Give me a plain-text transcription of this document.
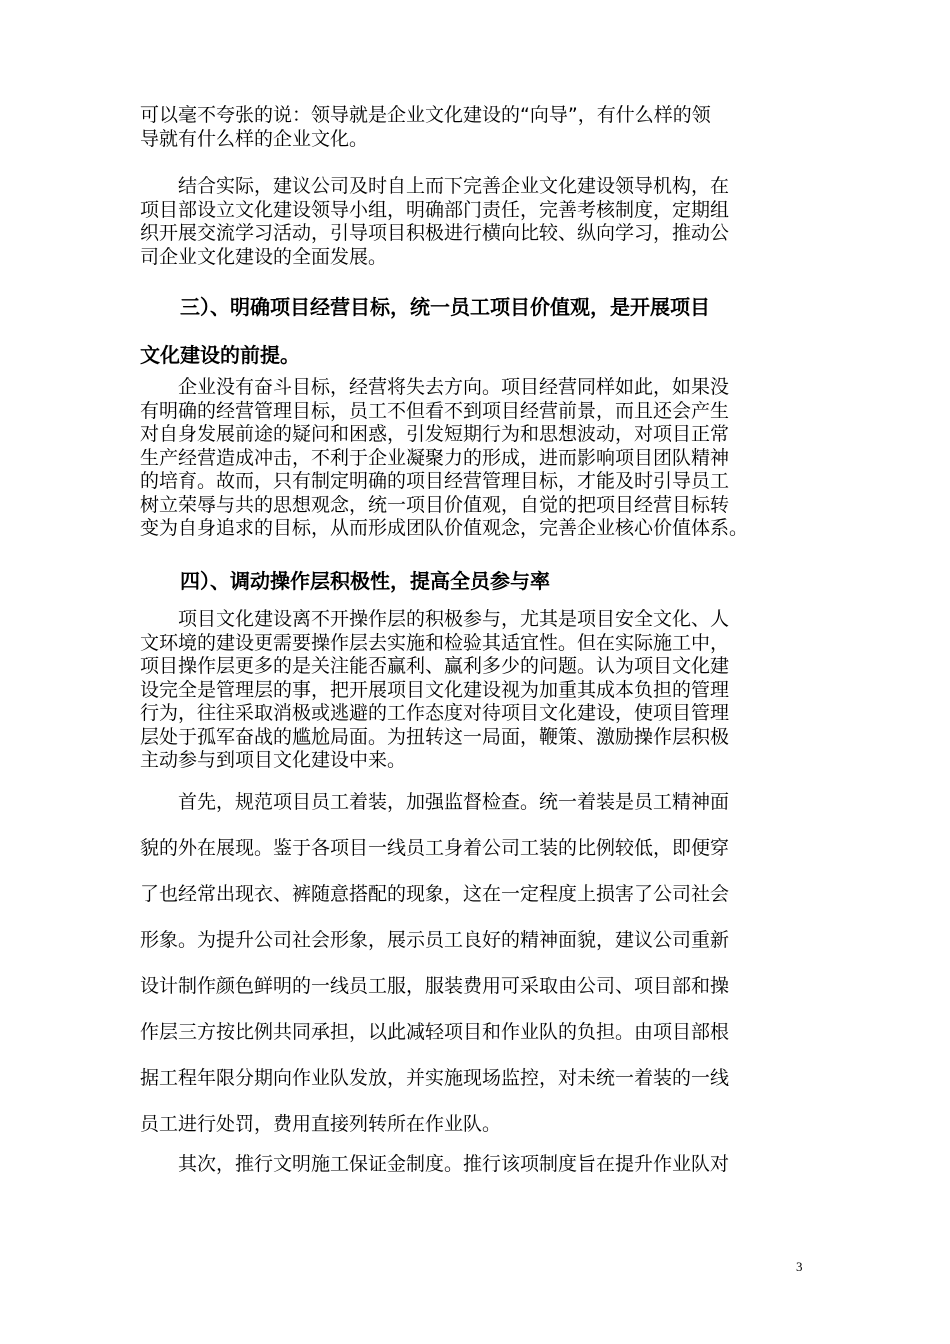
可以毫不夸张的说：领导就是企业文化建设的“向导”，有什么样的领
导就有什么样的企业文化。
　　结合实际，建议公司及时自上而下完善企业文化建设领导机构，在
项目部设立文化建设领导小组，明确部门责任，完善考核制度，定期组
织开展交流学习活动，引导项目积极进行横向比较、纵向学习，推动公
司企业文化建设的全面发展。
　　三）、明确项目经营目标，统一员工项目价值观，是开展项目
文化建设的前提。
　　企业没有奋斗目标，经营将失去方向。项目经营同样如此，如果没
有明确的经营管理目标，员工不但看不到项目经营前景，而且还会产生
对自身发展前途的疑问和困惑，引发短期行为和思想波动，对项目正常
生产经营造成冲击，不利于企业凝聚力的形成，进而影响项目团队精神
的培育。故而，只有制定明确的项目经营管理目标，才能及时引导员工
树立荣辱与共的思想观念，统一项目价值观，自觉的把项目经营目标转
变为自身追求的目标，从而形成团队价值观念，完善企业核心价值体系。
　　四）、调动操作层积极性，提高全员参与率
　　项目文化建设离不开操作层的积极参与，尤其是项目安全文化、人
文环境的建设更需要操作层去实施和检验其适宜性。但在实际施工中，
项目操作层更多的是关注能否赢利、赢利多少的问题。认为项目文化建
设完全是管理层的事，把开展项目文化建设视为加重其成本负担的管理
行为，往往采取消极或逃避的工作态度对待项目文化建设，使项目管理
层处于孤军奋战的尴尬局面。为扭转这一局面，鞭策、激励操作层积极
主动参与到项目文化建设中来。
　　首先，规范项目员工着装，加强监督检查。统一着装是员工精神面
貌的外在展现。鉴于各项目一线员工身着公司工装的比例较低，即便穿
了也经常出现衣、裤随意搭配的现象，这在一定程度上损害了公司社会
形象。为提升公司社会形象，展示员工良好的精神面貌，建议公司重新
设计制作颜色鲜明的一线员工服，服装费用可采取由公司、项目部和操
作层三方按比例共同承担，以此减轻项目和作业队的负担。由项目部根
据工程年限分期向作业队发放，并实施现场监控，对未统一着装的一线
员工进行处罚，费用直接列转所在作业队。
　　其次，推行文明施工保证金制度。推行该项制度旨在提升作业队对
3
